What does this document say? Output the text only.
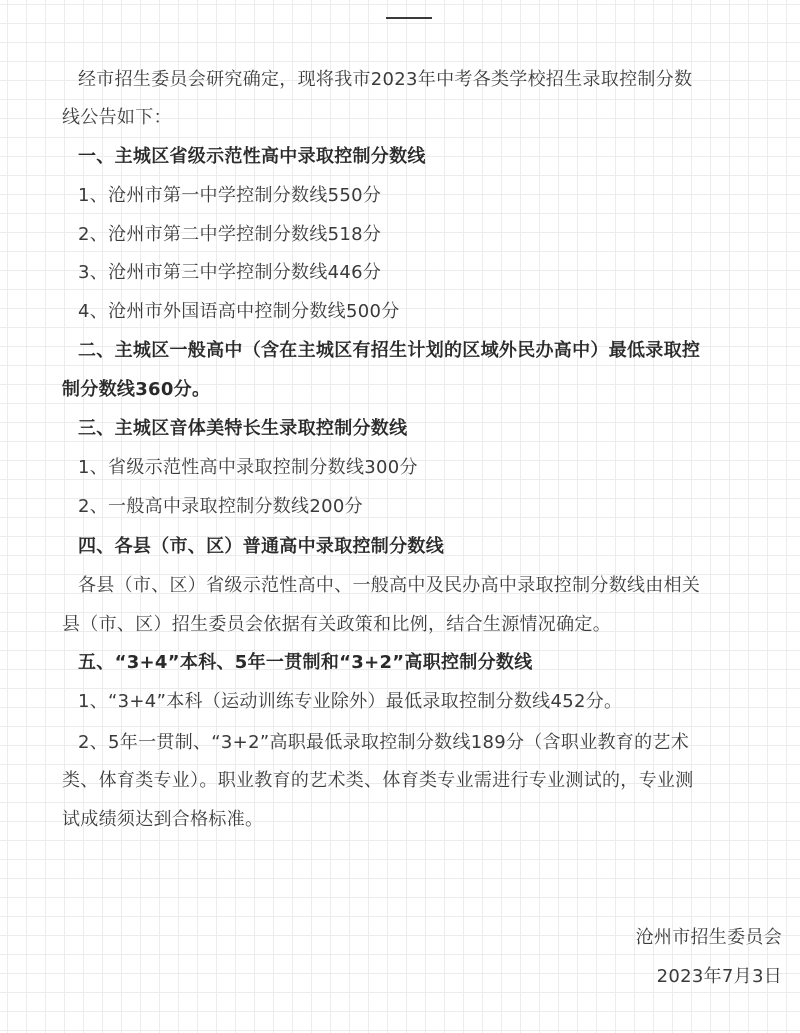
经市招生委员会研究确定，现将我市2023年中考各类学校招生录取控制分数
线公告如下：
一、主城区省级示范性高中录取控制分数线
1、沧州市第一中学控制分数线550分
2、沧州市第二中学控制分数线518分
3、沧州市第三中学控制分数线446分
4、沧州市外国语高中控制分数线500分
二、主城区一般高中（含在主城区有招生计划的区域外民办高中）最低录取控
制分数线360分。
三、主城区音体美特长生录取控制分数线
1、省级示范性高中录取控制分数线300分
2、一般高中录取控制分数线200分
四、各县（市、区）普通高中录取控制分数线
各县（市、区）省级示范性高中、一般高中及民办高中录取控制分数线由相关
县（市、区）招生委员会依据有关政策和比例，结合生源情况确定。
五、“3+4”本科、5年一贯制和“3+2”高职控制分数线
1、“3+4”本科（运动训练专业除外）最低录取控制分数线452分。
2、5年一贯制、“3+2”高职最低录取控制分数线189分（含职业教育的艺术
类、体育类专业）。职业教育的艺术类、体育类专业需进行专业测试的，专业测
试成绩须达到合格标准。
沧州市招生委员会
2023年7月3日
